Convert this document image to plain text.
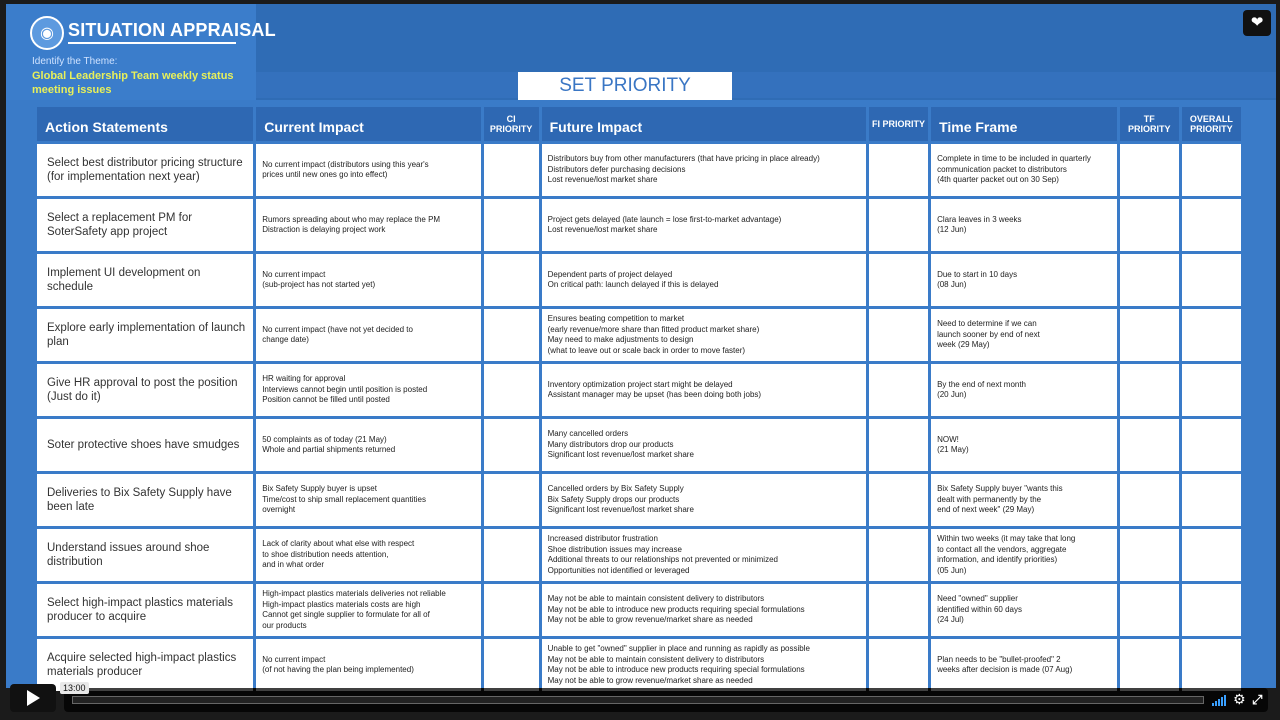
◉ SITUATION APPRAISAL
Identify the Theme:
Global Leadership Team weekly status meeting issues	SET PRIORITY
Action Statements	Current Impact	CI PRIORITY	Future Impact	FI PRIORITY	Time Frame	TF PRIORITY	OVERALL PRIORITY
Select best distributor pricing structure (for implementation next year)	No current impact (distributors using this year's
prices until new ones go into effect)		Distributors buy from other manufacturers (that have pricing in place already)
Distributors defer purchasing decisions
Lost revenue/lost market share		Complete in time to be included in quarterly
communication packet to distributors
(4th quarter packet out on 30 Sep)		

Select a replacement PM for SoterSafety app project	Rumors spreading about who may replace the PM
Distraction is delaying project work		Project gets delayed (late launch = lose first-to-market advantage)
Lost revenue/lost market share		Clara leaves in 3 weeks
(12 Jun)		

Implement UI development on schedule	No current impact
(sub-project has not started yet)		Dependent parts of project delayed
On critical path: launch delayed if this is delayed		Due to start in 10 days
(08 Jun)		

Explore early implementation of launch plan	No current impact (have not yet decided to
change date)		Ensures beating competition to market
(early revenue/more share than fitted product market share)
May need to make adjustments to design
(what to leave out or scale back in order to move faster)		Need to determine if we can
launch sooner by end of next
week (29 May)		

Give HR approval to post the position (Just do it)	HR waiting for approval
Interviews cannot begin until position is posted
Position cannot be filled until posted		Inventory optimization project start might be delayed
Assistant manager may be upset (has been doing both jobs)		By the end of next month
(20 Jun)		

Soter protective shoes have smudges	50 complaints as of today (21 May)
Whole and partial shipments returned		Many cancelled orders
Many distributors drop our products
Significant lost revenue/lost market share		NOW!
(21 May)		

Deliveries to Bix Safety Supply have been late	Bix Safety Supply buyer is upset
Time/cost to ship small replacement quantities
overnight		Cancelled orders by Bix Safety Supply
Bix Safety Supply drops our products
Significant lost revenue/lost market share		Bix Safety Supply buyer "wants this
dealt with permanently by the
end of next week" (29 May)		

Understand issues around shoe distribution	Lack of clarity about what else with respect
to shoe distribution needs attention,
and in what order		Increased distributor frustration
Shoe distribution issues may increase
Additional threats to our relationships not prevented or minimized
Opportunities not identified or leveraged		Within two weeks (it may take that long
to contact all the vendors, aggregate
information, and identify priorities)
(05 Jun)		

Select high-impact plastics materials producer to acquire	High-impact plastics materials deliveries not reliable
High-impact plastics materials costs are high
Cannot get single supplier to formulate for all of
our products		May not be able to maintain consistent delivery to distributors
May not be able to introduce new products requiring special formulations
May not be able to grow revenue/market share as needed		Need "owned" supplier
identified within 60 days
(24 Jul)		

Acquire selected high-impact plastics materials producer	No current impact
(of not having the plan being implemented)		Unable to get "owned" supplier in place and running as rapidly as possible
May not be able to maintain consistent delivery to distributors
May not be able to introduce new products requiring special formulations
May not be able to grow revenue/market share as needed		Plan needs to be "bullet-proofed" 2
weeks after decision is made (07 Aug)		

❤
13:00
⚙ ⤢
